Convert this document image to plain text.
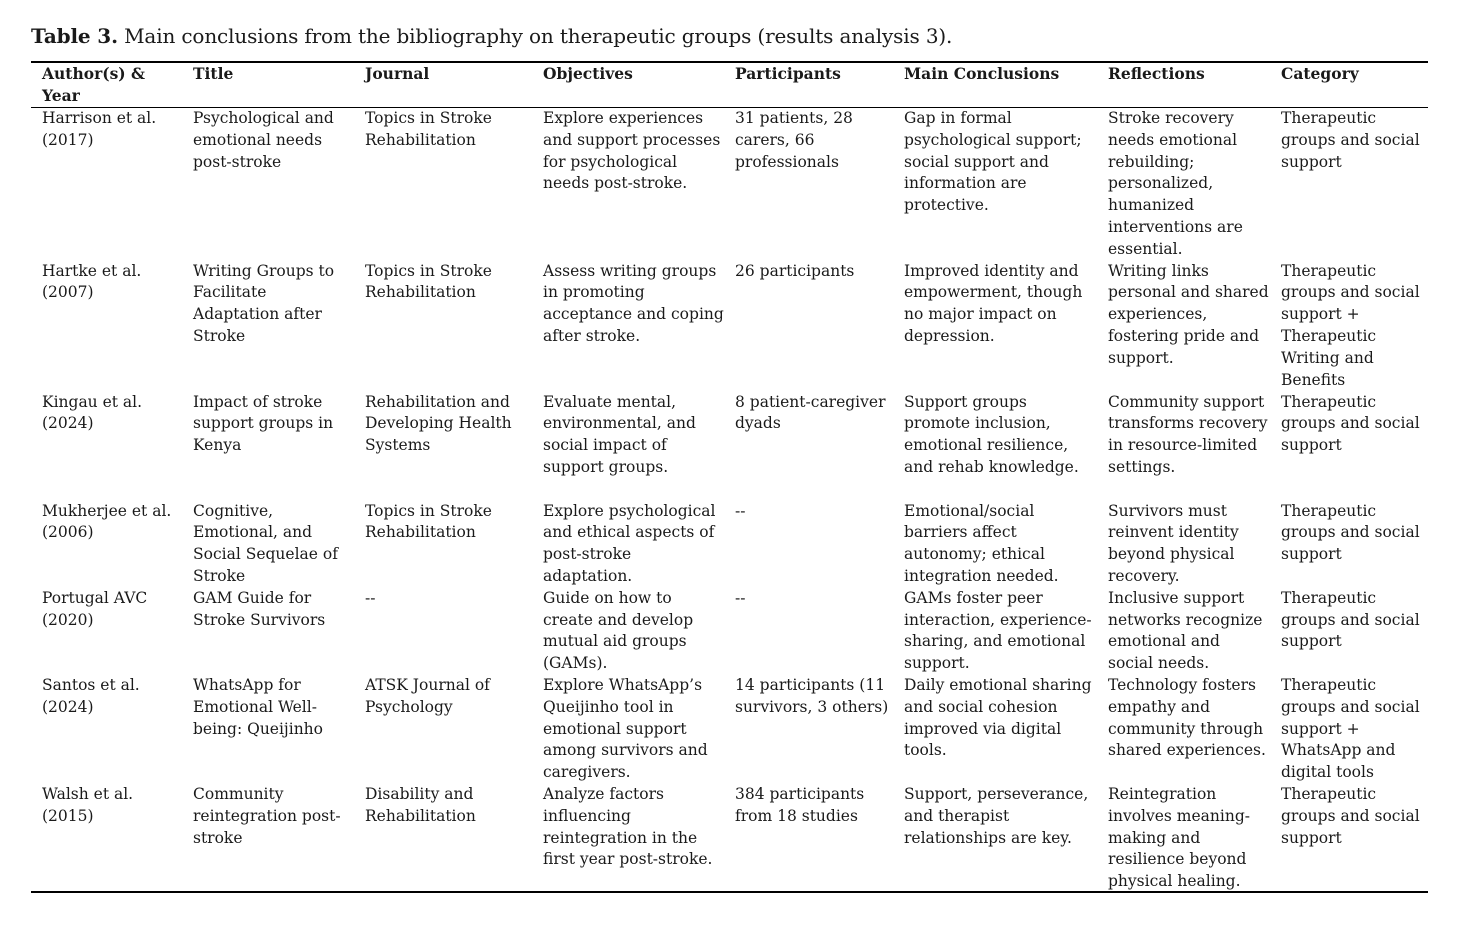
Table 3. Main conclusions from the bibliography on therapeutic groups (results analysis 3).
Author(s) & Year	Title	Journal	Objectives	Participants	Main Conclusions	Reflections	Category
Harrison et al. (2017)	Psychological and emotional needs post-stroke	Topics in Stroke Rehabilitation	Explore experiences and support processes for psychological needs post-stroke.	31 patients, 28 carers, 66 professionals	Gap in formal psychological support; social support and information are protective.	Stroke recovery needs emotional rebuilding; personalized, humanized interventions are essential.	Therapeutic groups and social support
Hartke et al. (2007)	Writing Groups to Facilitate Adaptation after Stroke	Topics in Stroke Rehabilitation	Assess writing groups in promoting acceptance and coping after stroke.	26 participants	Improved identity and empowerment, though no major impact on depression.	Writing links personal and shared experiences, fostering pride and support.	Therapeutic groups and social support + Therapeutic Writing and Benefits
Kingau et al. (2024)	Impact of stroke support groups in Kenya	Rehabilitation and Developing Health Systems	Evaluate mental, environmental, and social impact of support groups.	8 patient-caregiver dyads	Support groups promote inclusion, emotional resilience, and rehab knowledge.	Community support transforms recovery in resource-limited settings.	Therapeutic groups and social support
Mukherjee et al. (2006)	Cognitive, Emotional, and Social Sequelae of Stroke	Topics in Stroke Rehabilitation	Explore psychological and ethical aspects of post-stroke adaptation.	--	Emotional/social barriers affect autonomy; ethical integration needed.	Survivors must reinvent identity beyond physical recovery.	Therapeutic groups and social support
Portugal AVC (2020)	GAM Guide for Stroke Survivors	--	Guide on how to create and develop mutual aid groups (GAMs).	--	GAMs foster peer interaction, experience-sharing, and emotional support.	Inclusive support networks recognize emotional and social needs.	Therapeutic groups and social support
Santos et al. (2024)	WhatsApp for Emotional Well-being: Queijinho	ATSK Journal of Psychology	Explore WhatsApp’s Queijinho tool in emotional support among survivors and caregivers.	14 participants (11 survivors, 3 others)	Daily emotional sharing and social cohesion improved via digital tools.	Technology fosters empathy and community through shared experiences.	Therapeutic groups and social support + WhatsApp and digital tools
Walsh et al. (2015)	Community reintegration post-stroke	Disability and Rehabilitation	Analyze factors influencing reintegration in the first year post-stroke.	384 participants from 18 studies	Support, perseverance, and therapist relationships are key.	Reintegration involves meaning-making and resilience beyond physical healing.	Therapeutic groups and social support
